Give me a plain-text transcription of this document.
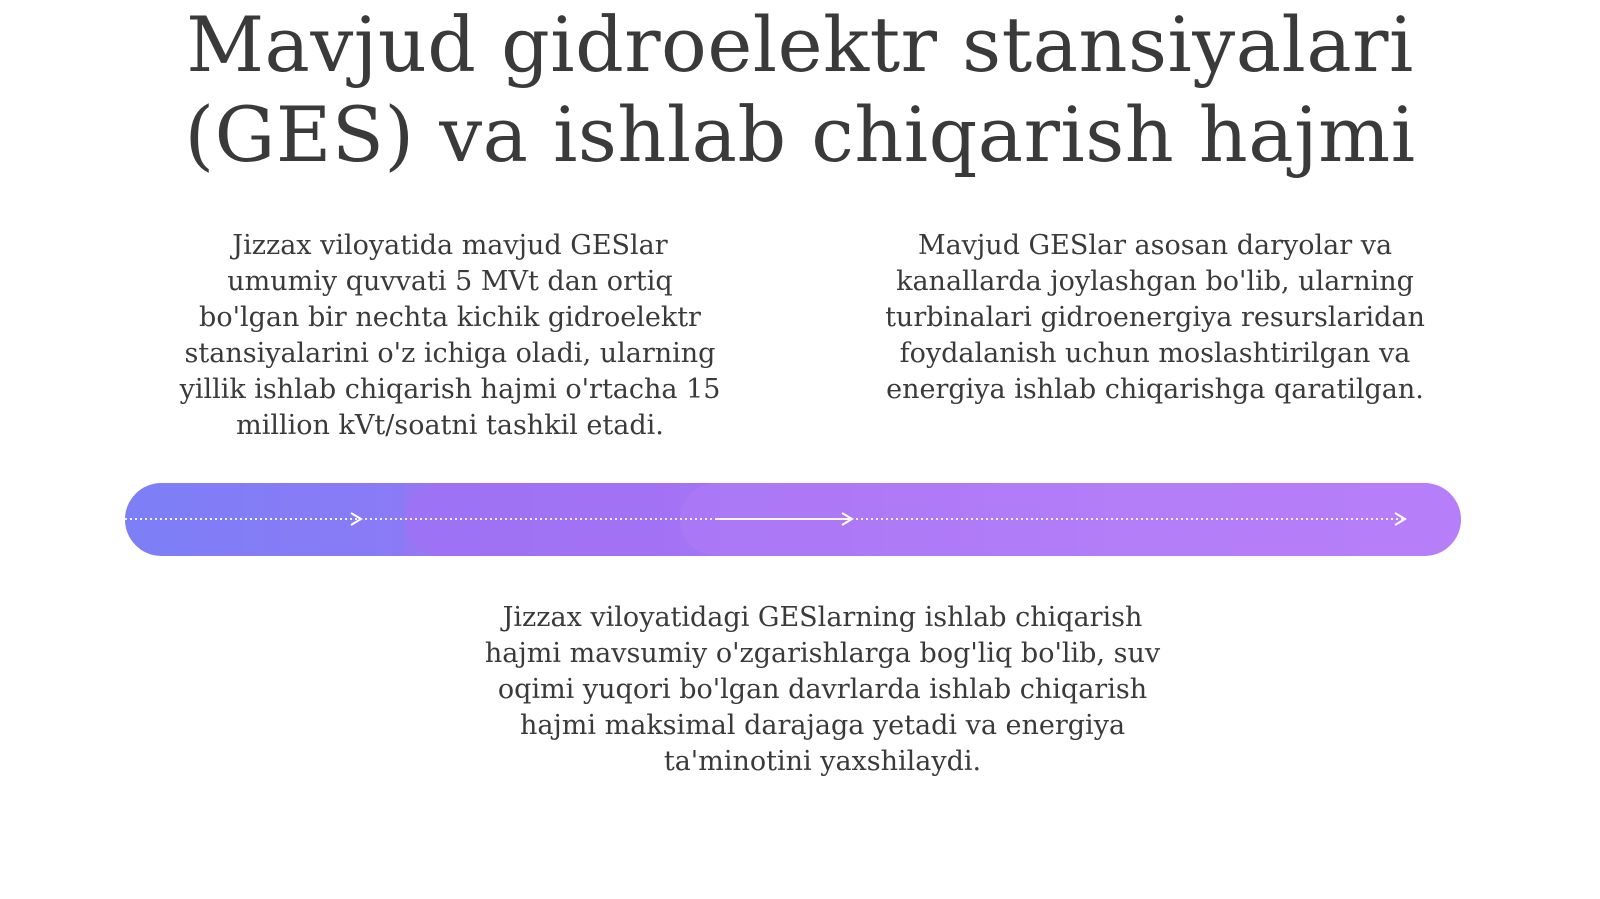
Mavjud gidroelektr stansiyalari
(GES) va ishlab chiqarish hajmi
Jizzax viloyatida mavjud GESlar
umumiy quvvati 5 MVt dan ortiq
bo'lgan bir nechta kichik gidroelektr
stansiyalarini o'z ichiga oladi, ularning
yillik ishlab chiqarish hajmi o'rtacha 15
million kVt/soatni tashkil etadi.
Mavjud GESlar asosan daryolar va
kanallarda joylashgan bo'lib, ularning
turbinalari gidroenergiya resurslaridan
foydalanish uchun moslashtirilgan va
energiya ishlab chiqarishga qaratilgan.
Jizzax viloyatidagi GESlarning ishlab chiqarish
hajmi mavsumiy o'zgarishlarga bog'liq bo'lib, suv
oqimi yuqori bo'lgan davrlarda ishlab chiqarish
hajmi maksimal darajaga yetadi va energiya
ta'minotini yaxshilaydi.
